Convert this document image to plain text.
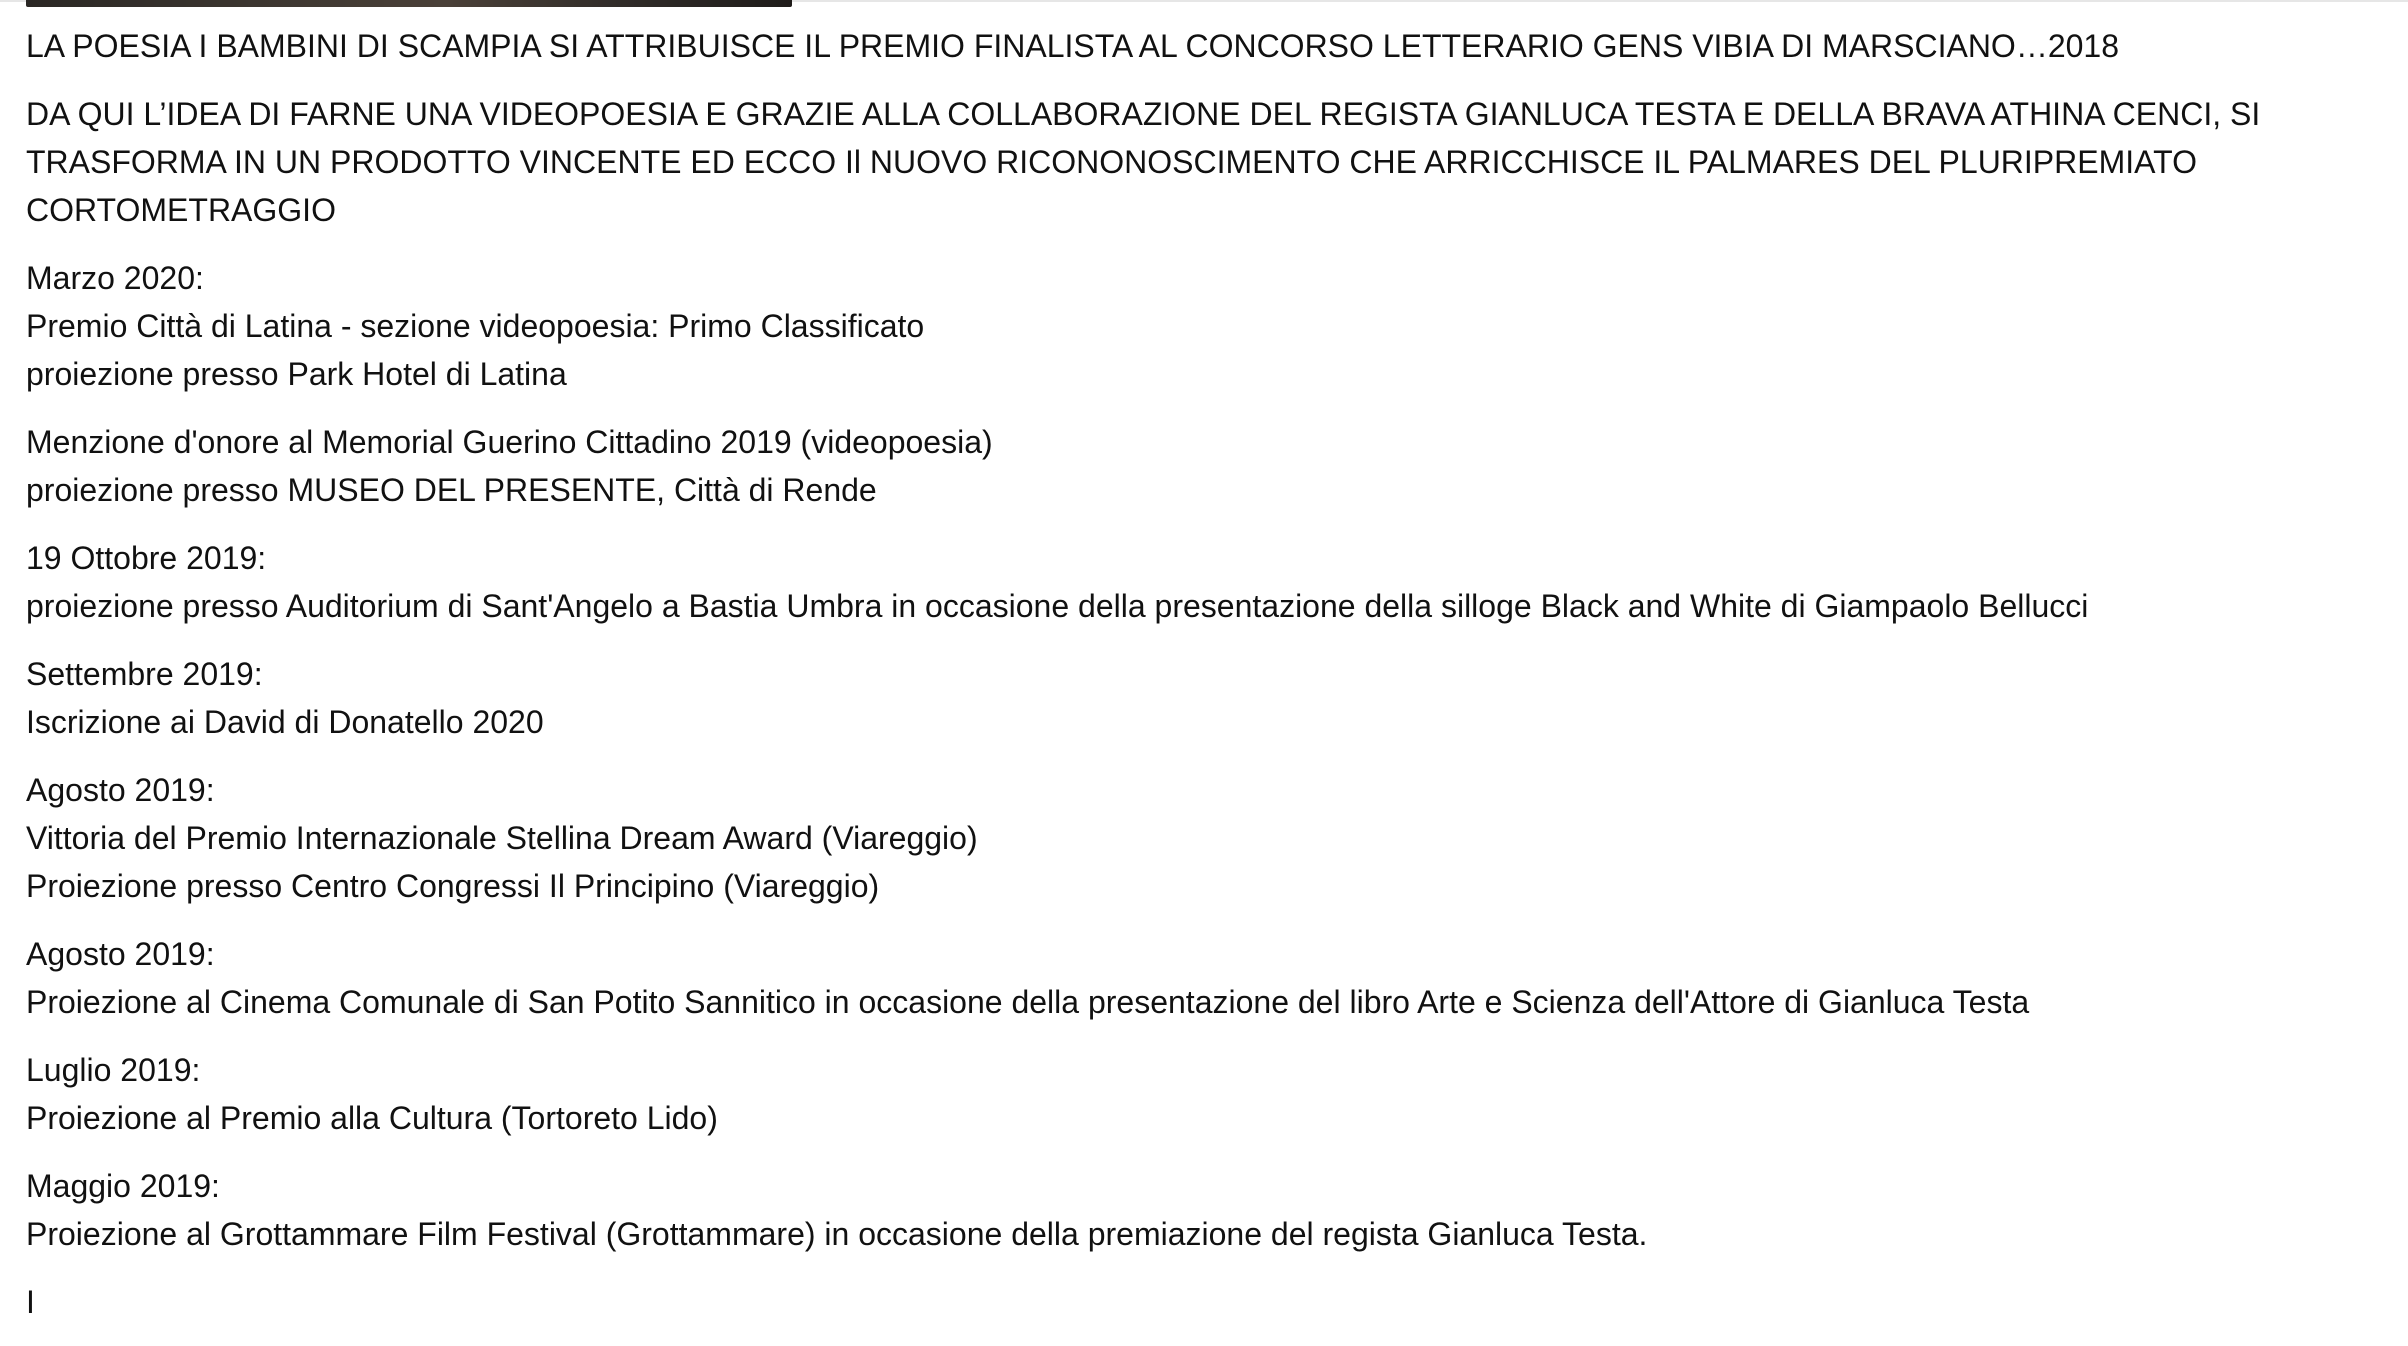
LA POESIA I BAMBINI DI SCAMPIA SI ATTRIBUISCE IL PREMIO FINALISTA AL CONCORSO LETTERARIO GENS VIBIA DI MARSCIANO…2018

DA QUI L’IDEA DI FARNE UNA VIDEOPOESIA E GRAZIE ALLA COLLABORAZIONE DEL REGISTA GIANLUCA TESTA E DELLA BRAVA ATHINA CENCI, SI TRASFORMA IN UN PRODOTTO VINCENTE ED ECCO Il NUOVO RICONONOSCIMENTO CHE ARRICCHISCE IL PALMARES DEL PLURIPREMIATO CORTOMETRAGGIO

Marzo 2020:
Premio Città di Latina - sezione videopoesia: Primo Classificato
proiezione presso Park Hotel di Latina

Menzione d'onore al Memorial Guerino Cittadino 2019 (videopoesia)
proiezione presso MUSEO DEL PRESENTE, Città di Rende

19 Ottobre 2019:
proiezione presso Auditorium di Sant'Angelo a Bastia Umbra in occasione della presentazione della silloge Black and White di Giampaolo Bellucci

Settembre 2019:
Iscrizione ai David di Donatello 2020

Agosto 2019:
Vittoria del Premio Internazionale Stellina Dream Award (Viareggio)
Proiezione presso Centro Congressi Il Principino (Viareggio)

Agosto 2019:
Proiezione al Cinema Comunale di San Potito Sannitico in occasione della presentazione del libro Arte e Scienza dell'Attore di Gianluca Testa

Luglio 2019:
Proiezione al Premio alla Cultura (Tortoreto Lido)

Maggio 2019:
Proiezione al Grottammare Film Festival (Grottammare) in occasione della premiazione del regista Gianluca Testa.

I
